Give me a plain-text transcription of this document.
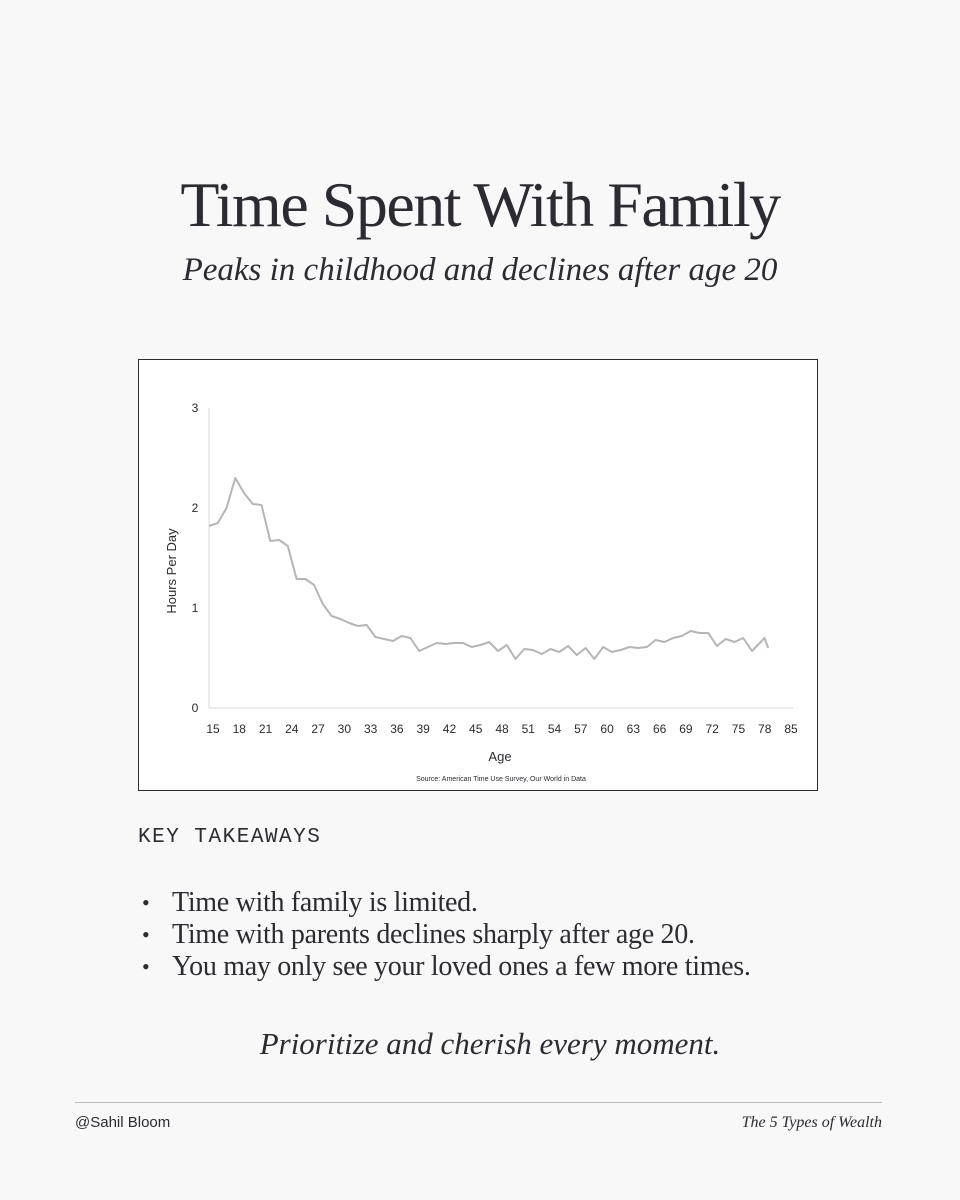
Time Spent With Family
Peaks in childhood and declines after age 20
0
1
2
3
15 18 21 24 27 30 33 36 39 42 45 48 51 54 57 60 63 66 69 72 75 78 85
Hours Per Day
Age
Source: American Time Use Survey, Our World in Data
KEY TAKEAWAYS
• Time with family is limited.
• Time with parents declines sharply after age 20.
• You may only see your loved ones a few more times.
Prioritize and cherish every moment.
@Sahil Bloom	The 5 Types of Wealth
